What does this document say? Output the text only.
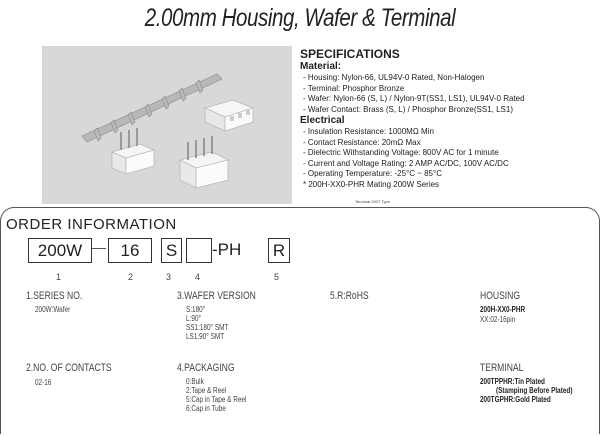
2.00mm Housing, Wafer & Terminal
SPECIFICATIONS
Material:
- Housing: Nylon-66, UL94V-0 Rated, Non-Halogen
- Terminal: Phosphor Bronze
- Wafer: Nylon-66 (S, L) / Nylon-9T(SS1, LS1), UL94V-0 Rated
- Wafer Contact: Brass (S, L) / Phosphor Bronze(SS1, LS1)
Electrical
- Insulation Resistance: 1000MΩ Min
- Contact Resistance: 20mΩ Max
- Dielectric Withstanding Voltage: 800V AC for 1 minute
- Current and Voltage Rating: 2 AMP AC/DC, 100V AC/DC
- Operating Temperature: -25°C ~ 85°C
* 200H-XX0-PHR Mating 200W Series
Terminal 200T Type
ORDER INFORMATION
200W	16	S -PH R
1	2	3	4	5
1.SERIES NO.
200W:Wafer
2.NO. OF CONTACTS
02-16
3.WAFER VERSION
S:180°
L:90°
SS1:180° SMT
LS1:90° SMT
4.PACKAGING
0:Bulk
2:Tape & Reel
5:Cap in Tape & Reel
6:Cap in Tube
5.R:RoHS	HOUSING
200H-XX0-PHR
XX:02-16pin
TERMINAL
200TPPHR:Tin Plated
(Stamping Before Plated)
200TGPHR:Gold Plated
